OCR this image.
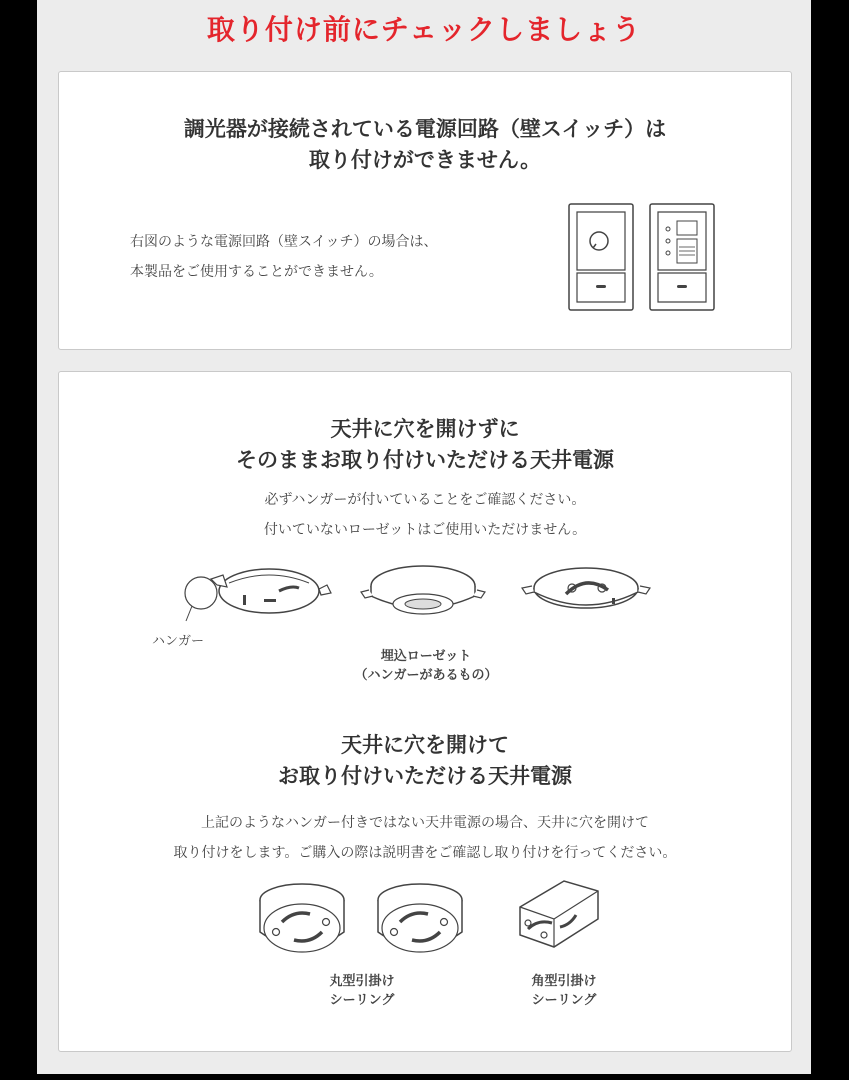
取り付け前にチェックしましょう
調光器が接続されている電源回路（壁スイッチ）は
取り付けができません。
右図のような電源回路（壁スイッチ）の場合は、
本製品をご使用することができません。
天井に穴を開けずに
そのままお取り付けいただける天井電源
必ずハンガーが付いていることをご確認ください。
付いていないローゼットはご使用いただけません。
ハンガー
埋込ローゼット
（ハンガーがあるもの）
天井に穴を開けて
お取り付けいただける天井電源
上記のようなハンガー付きではない天井電源の場合、天井に穴を開けて
取り付けをします。ご購入の際は説明書をご確認し取り付けを行ってください。
丸型引掛け
シーリング
角型引掛け
シーリング
